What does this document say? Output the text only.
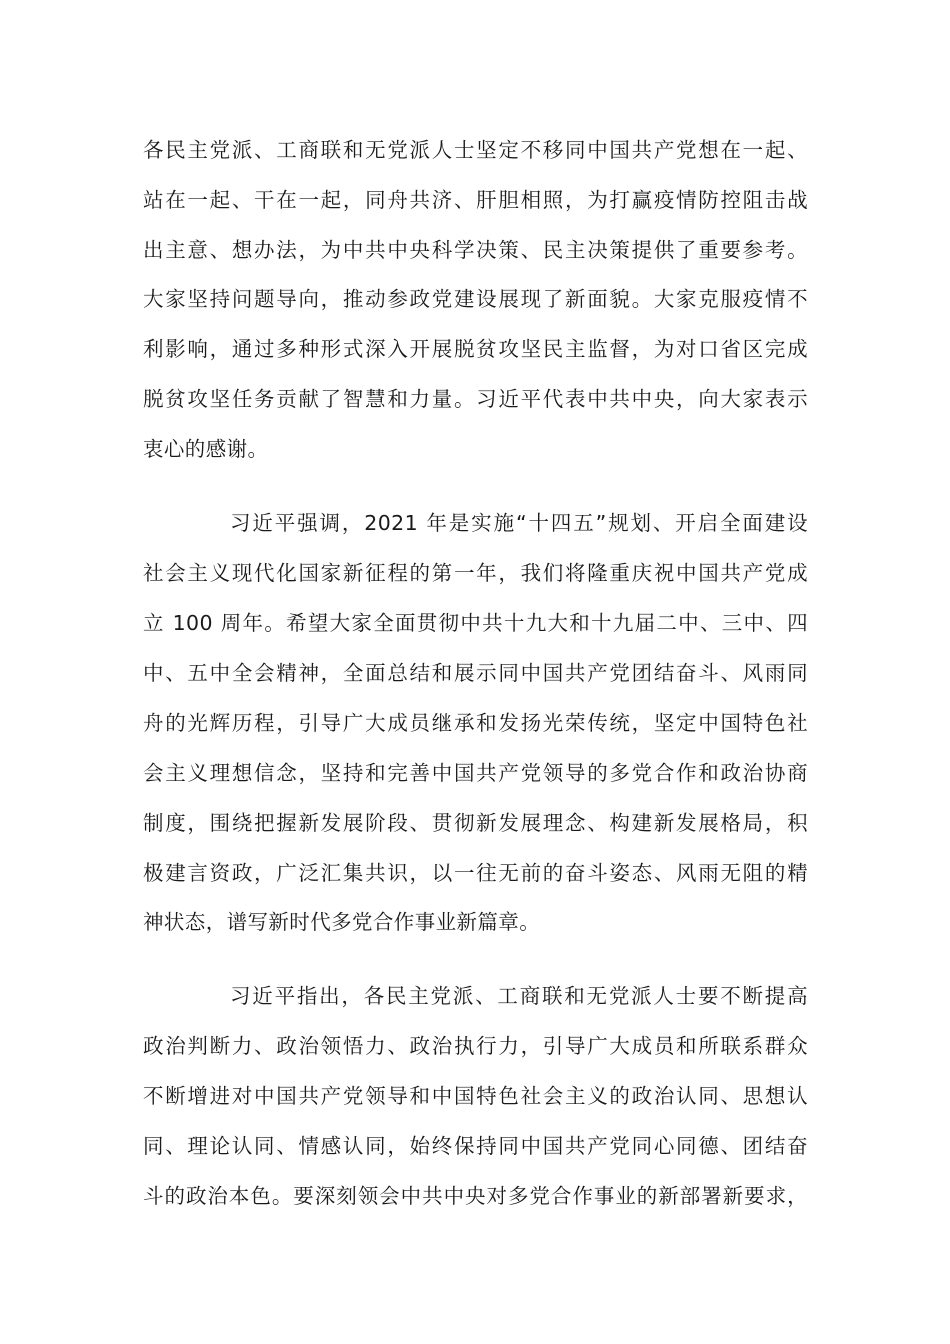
各民主党派、工商联和无党派人士坚定不移同中国共产党想在一起、
站在一起、干在一起，同舟共济、肝胆相照，为打赢疫情防控阻击战
出主意、想办法，为中共中央科学决策、民主决策提供了重要参考。
大家坚持问题导向，推动参政党建设展现了新面貌。大家克服疫情不
利影响，通过多种形式深入开展脱贫攻坚民主监督，为对口省区完成
脱贫攻坚任务贡献了智慧和力量。习近平代表中共中央，向大家表示
衷心的感谢。
习近平强调，2021 年是实施“十四五”规划、开启全面建设
社会主义现代化国家新征程的第一年，我们将隆重庆祝中国共产党成
立 100 周年。希望大家全面贯彻中共十九大和十九届二中、三中、四
中、五中全会精神，全面总结和展示同中国共产党团结奋斗、风雨同
舟的光辉历程，引导广大成员继承和发扬光荣传统，坚定中国特色社
会主义理想信念，坚持和完善中国共产党领导的多党合作和政治协商
制度，围绕把握新发展阶段、贯彻新发展理念、构建新发展格局，积
极建言资政，广泛汇集共识，以一往无前的奋斗姿态、风雨无阻的精
神状态，谱写新时代多党合作事业新篇章。
习近平指出，各民主党派、工商联和无党派人士要不断提高
政治判断力、政治领悟力、政治执行力，引导广大成员和所联系群众
不断增进对中国共产党领导和中国特色社会主义的政治认同、思想认
同、理论认同、情感认同，始终保持同中国共产党同心同德、团结奋
斗的政治本色。要深刻领会中共中央对多党合作事业的新部署新要求，
